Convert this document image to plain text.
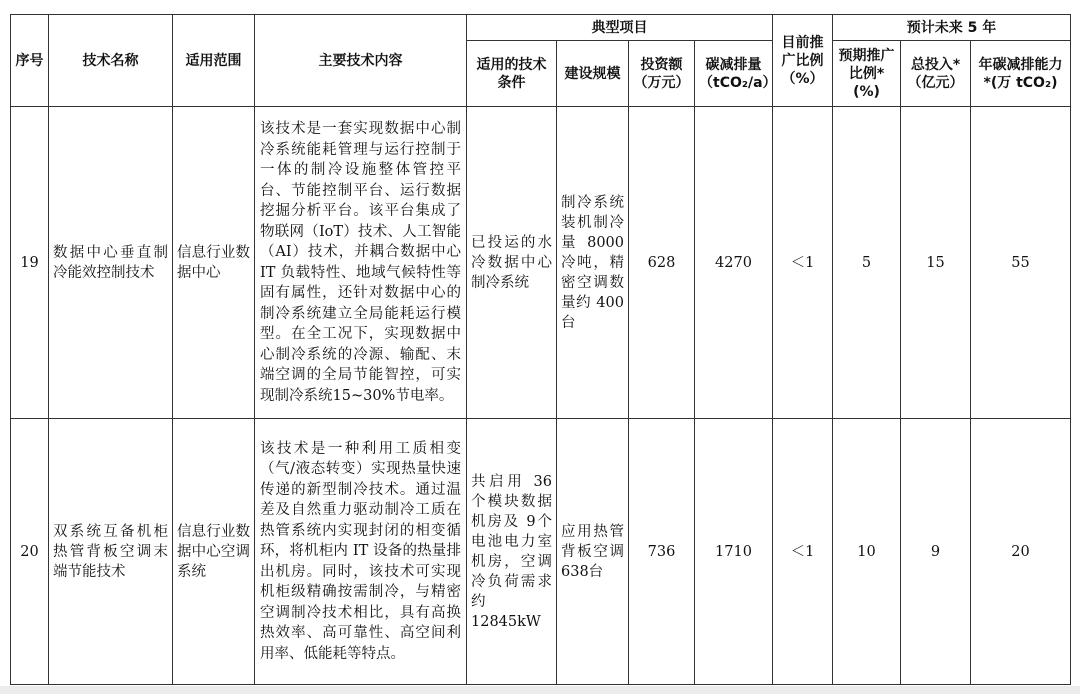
序号	技术名称	适用范围	主要技术内容	典型项目				目前推广比例（%）	预计未来 5 年		
				适用的技术条件	建设规模	投资额（万元）	碳减排量（tCO₂/a）		预期推广比例*(%)	总投入*（亿元）	年碳减排能力*(万 tCO₂)
19	数据中心垂直制冷能效控制技术	信息行业数据中心	该技术是一套实现数据中心制冷系统能耗管理与运行控制于一体的制冷设施整体管控平台、节能控制平台、运行数据挖掘分析平台。该平台集成了物联网（IoT）技术、人工智能（AI）技术，并耦合数据中心 IT 负载特性、地域气候特性等固有属性，还针对数据中心的制冷系统建立全局能耗运行模型。在全工况下，实现数据中心制冷系统的冷源、输配、末端空调的全局节能智控，可实现制冷系统15~30%节电率。	已投运的水冷数据中心制冷系统	制冷系统装机制冷量 8000冷吨，精密空调数量约 400台	628	4270	＜1	5	15	55
20	双系统互备机柜热管背板空调末端节能技术	信息行业数据中心空调系统	该技术是一种利用工质相变（气/液态转变）实现热量快速传递的新型制冷技术。通过温差及自然重力驱动制冷工质在热管系统内实现封闭的相变循环，将机柜内 IT 设备的热量排出机房。同时，该技术可实现机柜级精确按需制冷，与精密空调制冷技术相比，具有高换热效率、高可靠性、高空间利用率、低能耗等特点。	共启用 36个模块数据机房及 9个电池电力室机房，空调冷负荷需求约12845kW	应用热管背板空调638台	736	1710	＜1	10	9	20
